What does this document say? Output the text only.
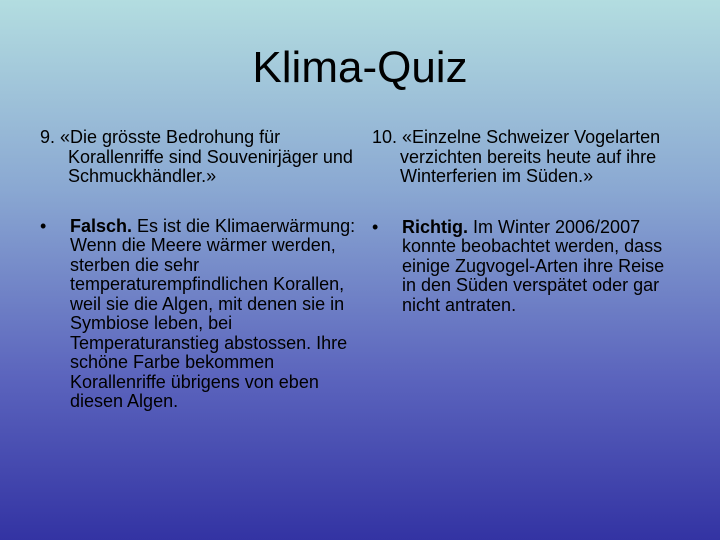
Klima-Quiz

9. «Die grösste Bedrohung für Korallenriffe sind Souvenirjäger und Schmuckhändler.»

•	Falsch. Es ist die Klimaerwärmung: Wenn die Meere wärmer werden, sterben die sehr temperaturempfindlichen Korallen, weil sie die Algen, mit denen sie in Symbiose leben, bei Temperaturanstieg abstossen. Ihre schöne Farbe bekommen Korallenriffe übrigens von eben diesen Algen.

10. «Einzelne Schweizer Vogelarten verzichten bereits heute auf ihre Winterferien im Süden.»

•	Richtig. Im Winter 2006/2007 konnte beobachtet werden, dass einige Zugvogel-Arten ihre Reise in den Süden verspätet oder gar nicht antraten.
